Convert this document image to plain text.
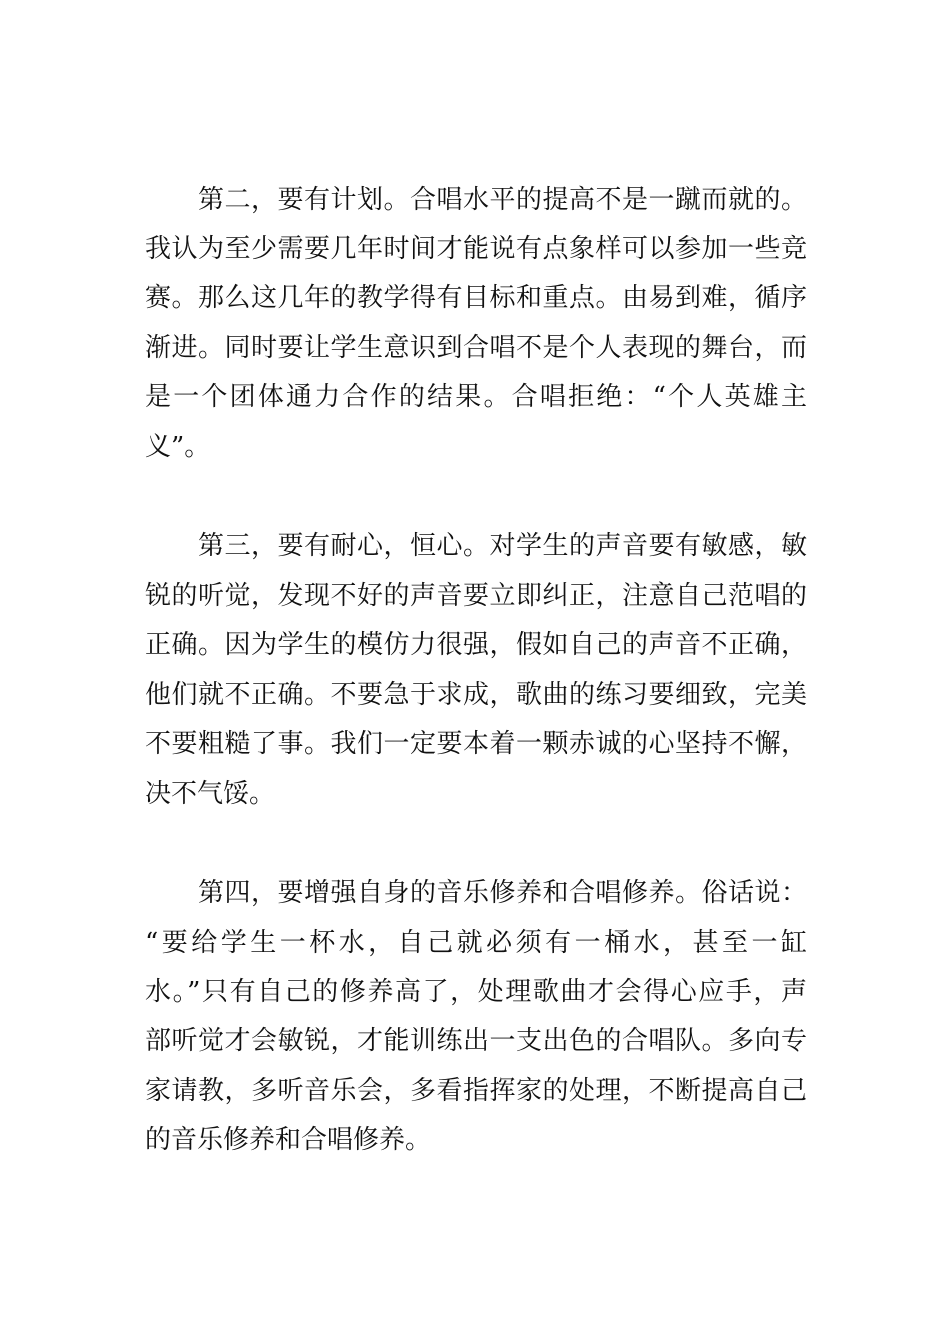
第二，要有计划。合唱水平的提高不是一蹴而就的。
我认为至少需要几年时间才能说有点象样可以参加一些竞
赛。那么这几年的教学得有目标和重点。由易到难，循序
渐进。同时要让学生意识到合唱不是个人表现的舞台，而
是一个团体通力合作的结果。合唱拒绝：“个人英雄主
义”。
第三，要有耐心，恒心。对学生的声音要有敏感，敏
锐的听觉，发现不好的声音要立即纠正，注意自己范唱的
正确。因为学生的模仿力很强，假如自己的声音不正确，
他们就不正确。不要急于求成，歌曲的练习要细致，完美
不要粗糙了事。我们一定要本着一颗赤诚的心坚持不懈，
决不气馁。
第四，要增强自身的音乐修养和合唱修养。俗话说：
“要给学生一杯水，自己就必须有一桶水，甚至一缸
水。”只有自己的修养高了，处理歌曲才会得心应手，声
部听觉才会敏锐，才能训练出一支出色的合唱队。多向专
家请教，多听音乐会，多看指挥家的处理，不断提高自己
的音乐修养和合唱修养。
